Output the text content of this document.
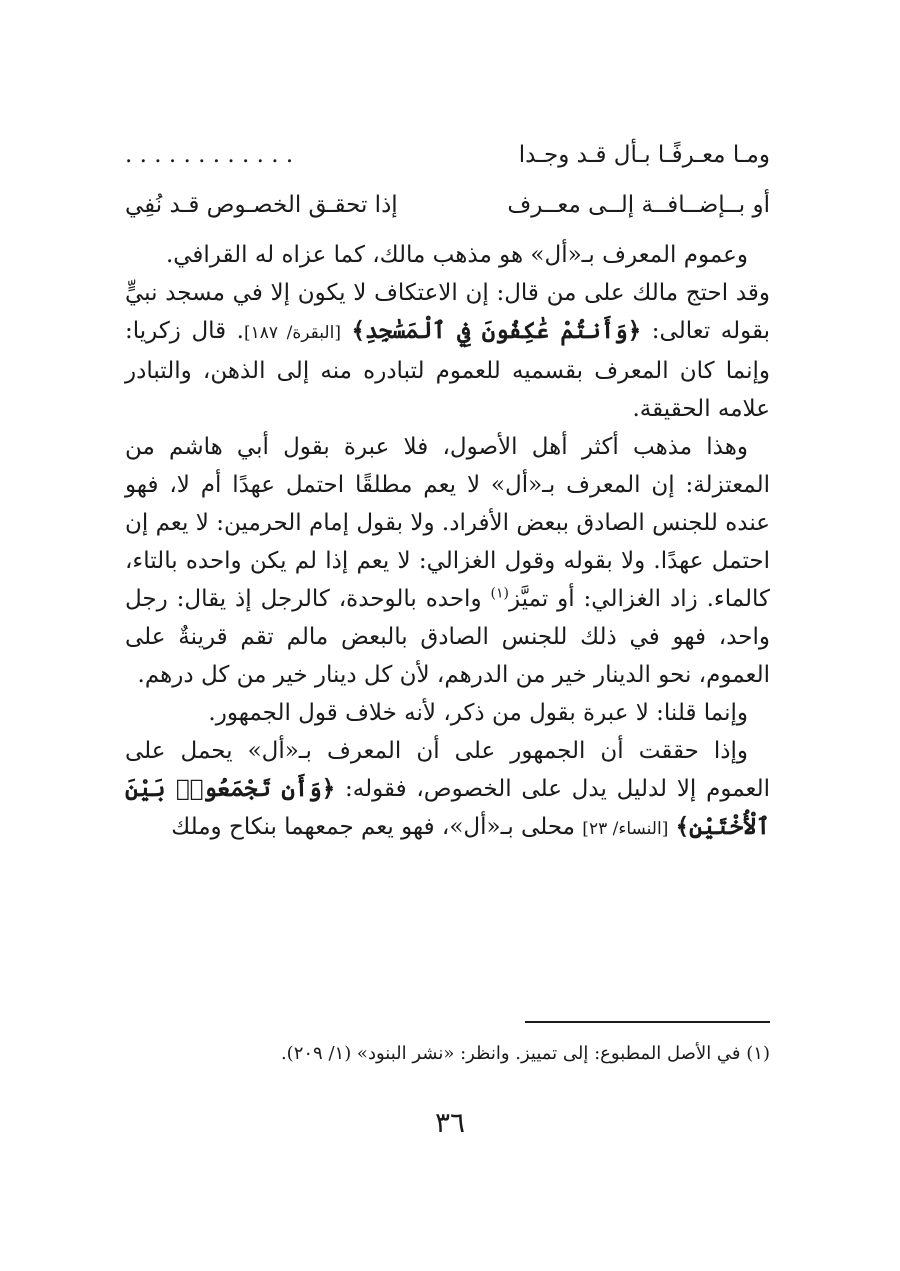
ومـا معـرفًـا بـأل قـد وجـدا
. . . . . . . . . . . .
أو بــإضــافــة إلــى معــرف
إذا تحقـق الخصـوص قـد نُفِي

وعموم المعرف بـ«أل» هو مذهب مالك، كما عزاه له القرافي.

وقد احتج مالك على من قال: إن الاعتكاف لا يكون إلا في مسجد نبيٍّ بقوله تعالى: ﴿وَأَنتُمْ عَٰكِفُونَ فِي ٱلْمَسَٰجِدِ﴾ [البقرة/ ١٨٧]. قال زكريا: وإنما كان المعرف بقسميه للعموم لتبادره منه إلى الذهن، والتبادر علامه الحقيقة.

وهذا مذهب أكثر أهل الأصول، فلا عبرة بقول أبي هاشم من المعتزلة: إن المعرف بـ«أل» لا يعم مطلقًا احتمل عهدًا أم لا، فهو عنده للجنس الصادق ببعض الأفراد. ولا بقول إمام الحرمين: لا يعم إن احتمل عهدًا. ولا بقوله وقول الغزالي: لا يعم إذا لم يكن واحده بالتاء، كالماء. زاد الغزالي: أو تميَّز$^{(١)}$ واحده بالوحدة، كالرجل إذ يقال: رجل واحد، فهو في ذلك للجنس الصادق بالبعض مالم تقم قرينةٌ على العموم، نحو الدينار خير من الدرهم، لأن كل دينار خير من كل درهم.

وإنما قلنا: لا عبرة بقول من ذكر، لأنه خلاف قول الجمهور.

وإذا حققت أن الجمهور على أن المعرف بـ«أل» يحمل على العموم إلا لدليل يدل على الخصوص، فقوله: ﴿وَأَن تَجْمَعُوا۟ بَيْنَ ٱلْأُخْتَيْنِ﴾ [النساء/ ٢٣] محلى بـ«أل»، فهو يعم جمعهما بنكاح وملك

(١) في الأصل المطبوع: إلى تمييز. وانظر: «نشر البنود» (١/ ٢٠٩).
٣٦
